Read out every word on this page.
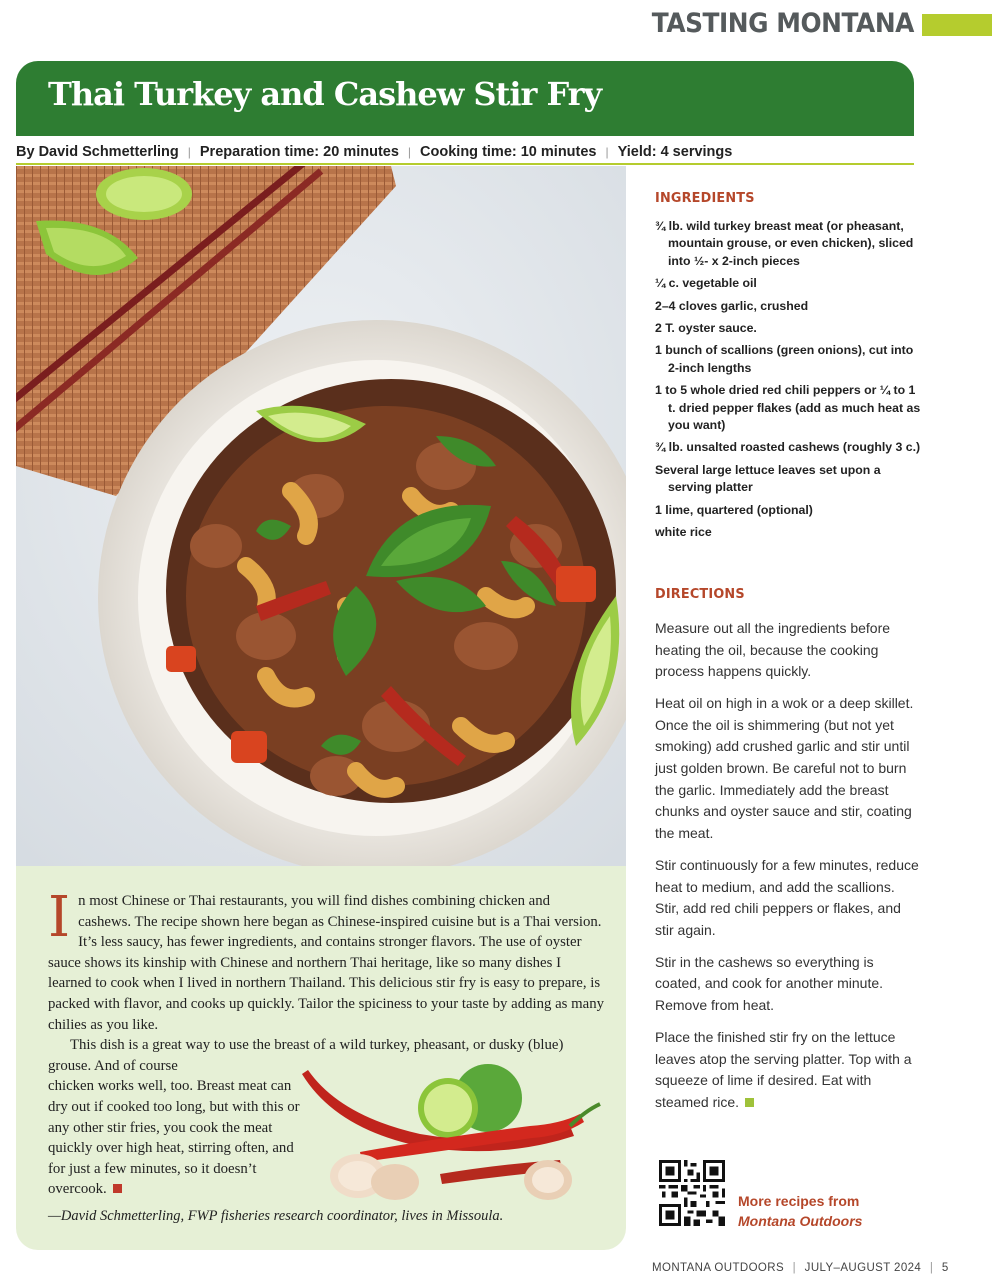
TASTING MONTANA
Thai Turkey and Cashew Stir Fry
By David Schmetterling | Preparation time: 20 minutes | Cooking time: 10 minutes | Yield: 4 servings

In most Chinese or Thai restaurants, you will find dishes combining chicken and cashews. The recipe shown here began as Chinese-inspired cuisine but is a Thai version. It’s less saucy, has fewer ingredients, and contains stronger flavors. The use of oyster sauce shows its kinship with Chinese and northern Thai heritage, like so many dishes I learned to cook when I lived in northern Thailand. This delicious stir fry is easy to prepare, is packed with flavor, and cooks up quickly. Tailor the spiciness to your taste by adding as many chilies as you like.

This dish is a great way to use the breast of a wild turkey, pheasant, or dusky (blue) grouse. And of course

chicken works well, too. Breast meat can dry out if cooked too long, but with this or any other stir fries, you cook the meat quickly over high heat, stirring often, and for just a few minutes, so it doesn’t overcook.

—David Schmetterling, FWP fisheries research coordinator, lives in Missoula.
INGREDIENTS
¾ lb. wild turkey breast meat (or pheasant, mountain grouse, or even chicken), sliced into ½- x 2-inch pieces
¼ c. vegetable oil
2–4 cloves garlic, crushed
2 T. oyster sauce.
1 bunch of scallions (green onions), cut into 2-inch lengths
1 to 5 whole dried red chili peppers or ¼ to 1 t. dried pepper flakes (add as much heat as you want)
¾ lb. unsalted roasted cashews (roughly 3 c.)
Several large lettuce leaves set upon a serving platter
1 lime, quartered (optional)
white rice
DIRECTIONS

Measure out all the ingredients before heating the oil, because the cooking process happens quickly.

Heat oil on high in a wok or a deep skillet. Once the oil is shimmering (but not yet smoking) add crushed garlic and stir until just golden brown. Be careful not to burn the garlic. Immediately add the breast chunks and oyster sauce and stir, coating the meat.

Stir continuously for a few minutes, reduce heat to medium, and add the scallions. Stir, add red chili peppers or flakes, and stir again.

Stir in the cashews so everything is coated, and cook for another minute. Remove from heat.

Place the finished stir fry on the lettuce leaves atop the serving platter. Top with a squeeze of lime if desired. Eat with steamed rice.

More recipes from
Montana Outdoors
MONTANA OUTDOORS | JULY–AUGUST 2024 | 5
